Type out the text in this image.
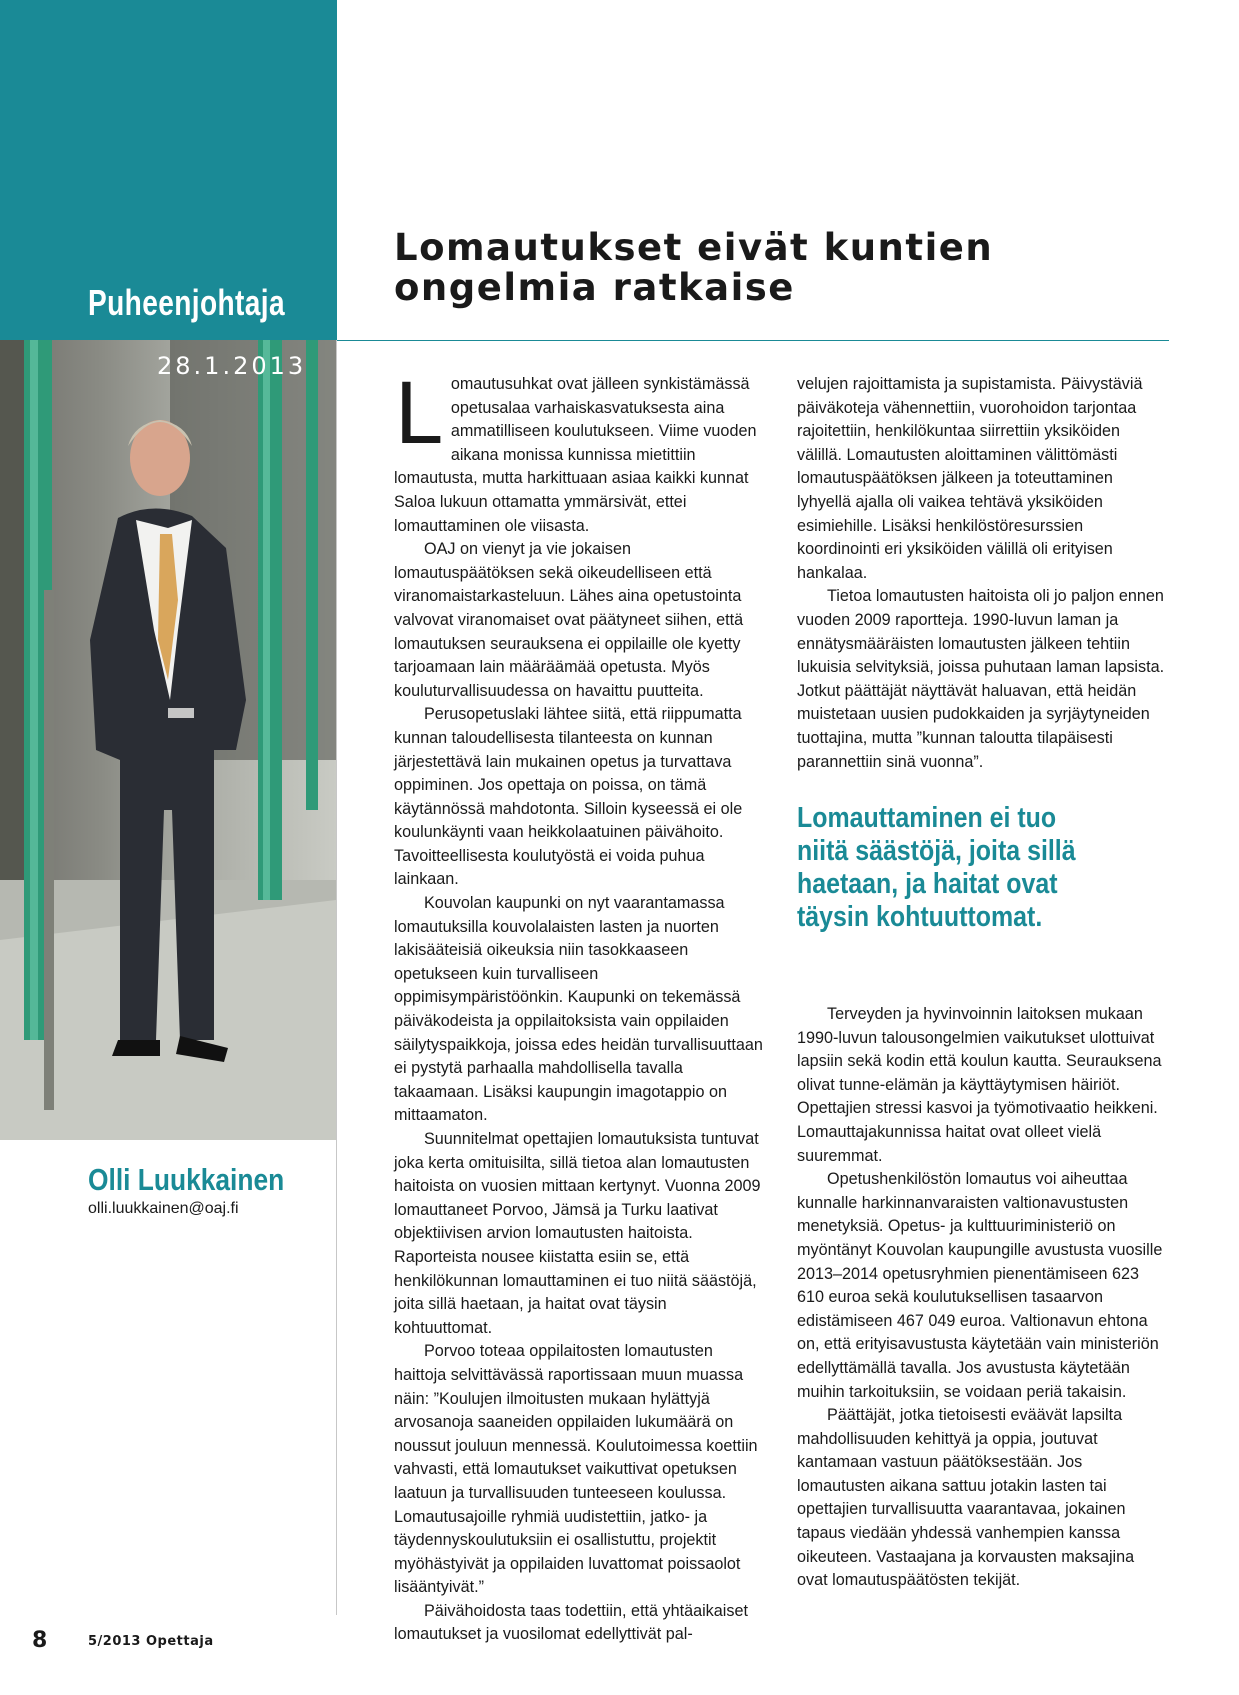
Puheenjohtaja
Lomautukset eivät kuntien ongelmia ratkaise

28.1.2013

Olli Luukkainen

olli.luukkainen@oaj.fi

L omautusuhkat ovat jälleen synkistämässä opetusalaa varhaiskasvatuksesta aina ammatilliseen koulutukseen. Viime vuoden aikana monissa kunnissa mietittiin lomautusta, mutta harkittuaan asiaa kaikki kunnat Saloa lukuun ottamatta ymmärsivät, ettei lomauttaminen ole viisasta.

OAJ on vienyt ja vie jokaisen lomautuspäätöksen sekä oikeudelliseen että viranomaistarkasteluun. Lähes aina opetustointa valvovat viranomaiset ovat päätyneet siihen, että lomautuksen seurauksena ei oppilaille ole kyetty tarjoamaan lain määräämää opetusta. Myös kouluturvallisuudessa on havaittu puutteita.

Perusopetuslaki lähtee siitä, että riippumatta kunnan taloudellisesta tilanteesta on kunnan järjestettävä lain mukainen opetus ja turvattava oppiminen. Jos opettaja on poissa, on tämä käytännössä mahdotonta. Silloin kyseessä ei ole koulunkäynti vaan heikkolaatuinen päivähoito. Tavoitteellisesta koulutyöstä ei voida puhua lainkaan.

Kouvolan kaupunki on nyt vaarantamassa lomautuksilla kouvolalaisten lasten ja nuorten lakisääteisiä oikeuksia niin tasokkaaseen opetukseen kuin turvalliseen oppimisympäristöönkin. Kaupunki on tekemässä päiväkodeista ja oppilaitoksista vain oppilaiden säilytyspaikkoja, joissa edes heidän turvallisuuttaan ei pystytä parhaalla mahdollisella tavalla takaamaan. Lisäksi kaupungin imagotappio on mittaamaton.

Suunnitelmat opettajien lomautuksista tuntuvat joka kerta omituisilta, sillä tietoa alan lomautusten haitoista on vuosien mittaan kertynyt. Vuonna 2009 lomauttaneet Porvoo, Jämsä ja Turku laativat objektiivisen arvion lomautusten haitoista. Raporteista nousee kiistatta esiin se, että henkilökunnan lomauttaminen ei tuo niitä säästöjä, joita sillä haetaan, ja haitat ovat täysin kohtuuttomat.

Porvoo toteaa oppilaitosten lomautusten haittoja selvittävässä raportissaan muun muassa näin: ”Koulujen ilmoitusten mukaan hylättyjä arvosanoja saaneiden oppilaiden lukumäärä on noussut jouluun mennessä. Koulutoimessa koettiin vahvasti, että lomautukset vaikuttivat opetuksen laatuun ja turvallisuuden tunteeseen koulussa. Lomautusajoille ryhmiä uudistettiin, jatko- ja täydennyskoulutuksiin ei osallistuttu, projektit myöhästyivät ja oppilaiden luvattomat poissaolot lisääntyivät.”

Päivähoidosta taas todettiin, että yhtäaikaiset lomautukset ja vuosilomat edellyttivät pal-

velujen rajoittamista ja supistamista. Päivystäviä päiväkoteja vähennettiin, vuorohoidon tarjontaa rajoitettiin, henkilökuntaa siirrettiin yksiköiden välillä. Lomautusten aloittaminen välittömästi lomautuspäätöksen jälkeen ja toteuttaminen lyhyellä ajalla oli vaikea tehtävä yksiköiden esimiehille. Lisäksi henkilöstöresurssien koordinointi eri yksiköiden välillä oli erityisen hankalaa.

Tietoa lomautusten haitoista oli jo paljon ennen vuoden 2009 raportteja. 1990-luvun laman ja ennätysmääräisten lomautusten jälkeen tehtiin lukuisia selvityksiä, joissa puhutaan laman lapsista. Jotkut päättäjät näyttävät haluavan, että heidän muistetaan uusien pudokkaiden ja syrjäytyneiden tuottajina, mutta ”kunnan taloutta tilapäisesti parannettiin sinä vuonna”.

Lomauttaminen ei tuo niitä säästöjä, joita sillä haetaan, ja haitat ovat täysin kohtuuttomat.

Terveyden ja hyvinvoinnin laitoksen mukaan 1990-luvun talousongelmien vaikutukset ulottuivat lapsiin sekä kodin että koulun kautta. Seurauksena olivat tunne-elämän ja käyttäytymisen häiriöt. Opettajien stressi kasvoi ja työmotivaatio heikkeni. Lomauttajakunnissa haitat ovat olleet vielä suuremmat.

Opetushenkilöstön lomautus voi aiheuttaa kunnalle harkinnanvaraisten valtionavustusten menetyksiä. Opetus- ja kulttuuriministeriö on myöntänyt Kouvolan kaupungille avustusta vuosille 2013–2014 opetusryhmien pienentämiseen 623 610 euroa sekä koulutuksellisen tasaarvon edistämiseen 467 049 euroa. Valtionavun ehtona on, että erityisavustusta käytetään vain ministeriön edellyttämällä tavalla. Jos avustusta käytetään muihin tarkoituksiin, se voidaan periä takaisin.

Päättäjät, jotka tietoisesti eväävät lapsilta mahdollisuuden kehittyä ja oppia, joutuvat kantamaan vastuun päätöksestään. Jos lomautusten aikana sattuu jotakin lasten tai opettajien turvallisuutta vaarantavaa, jokainen tapaus viedään yhdessä vanhempien kanssa oikeuteen. Vastaajana ja korvausten maksajina ovat lomautuspäätösten tekijät.

8	5/2013 Opettaja
